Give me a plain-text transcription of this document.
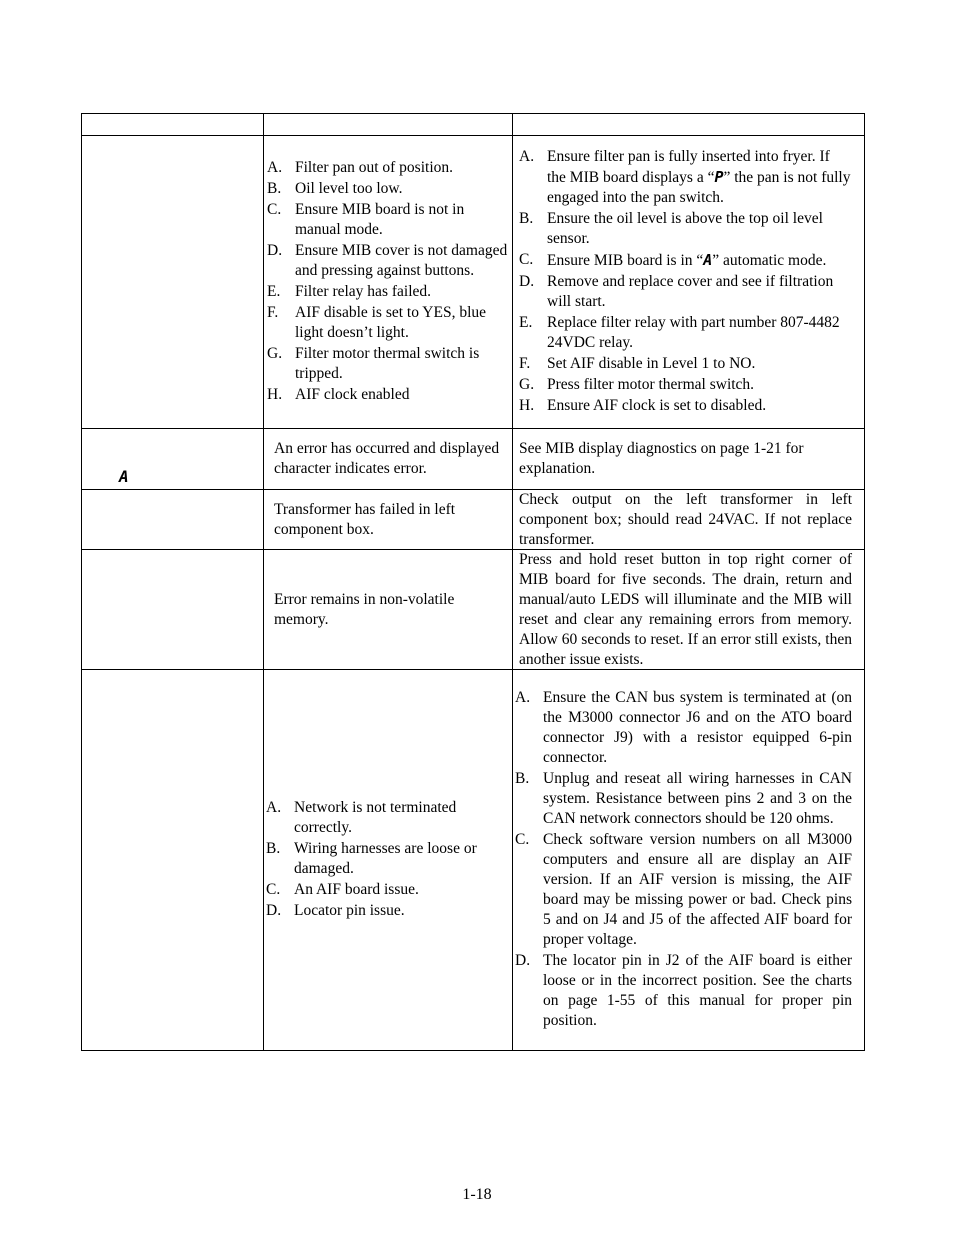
A. Filter pan out of position.
B. Oil level too low.
C. Ensure MIB board is not in manual mode.
D. Ensure MIB cover is not damaged and pressing against buttons.
E. Filter relay has failed.
F.	AIF disable is set to YES, blue light doesn’t light.
G. Filter motor thermal switch is tripped.
H. AIF clock enabled
A. Ensure filter pan is fully inserted into fryer. If the MIB board displays a “P” the pan is not fully engaged into the pan switch.
B. Ensure the oil level is above the top oil level sensor.
C. Ensure MIB board is in “A” automatic mode.
D. Remove and replace cover and see if filtration will start.
E. Replace filter relay with part number 807-4482 24VDC relay.
F.	Set AIF disable in Level 1 to NO.
G. Press filter motor thermal switch.
H. Ensure AIF clock is set to disabled.
A
An error has occurred and displayed character indicates error.
See MIB display diagnostics on page 1-21 for explanation.
Transformer has failed in left component box.
Check output on the left transformer in left component box; should read 24VAC. If not replace transformer.
Error remains in non-volatile memory.
Press and hold reset button in top right corner of MIB board for five seconds. The drain, return and manual/auto LEDS will illuminate and the MIB will reset and clear any remaining errors from memory. Allow 60 seconds to reset. If an error still exists, then another issue exists.
A. Network is not terminated correctly.
B. Wiring harnesses are loose or damaged.
C. An AIF board issue.
D. Locator pin issue.
A. Ensure the CAN bus system is terminated at (on the M3000 connector J6 and on the ATO board connector J9) with a resistor equipped 6-pin connector.
B. Unplug and reseat all wiring harnesses in CAN system. Resistance between pins 2 and 3 on the CAN network connectors should be 120 ohms.
C. Check software version numbers on all M3000 computers and ensure all are display an AIF version. If an AIF version is missing, the AIF board may be missing power or bad. Check pins 5 and on J4 and J5 of the affected AIF board for proper voltage.
D. The locator pin in J2 of the AIF board is either loose or in the incorrect position. See the charts on page 1-55 of this manual for proper pin position.
1-18
